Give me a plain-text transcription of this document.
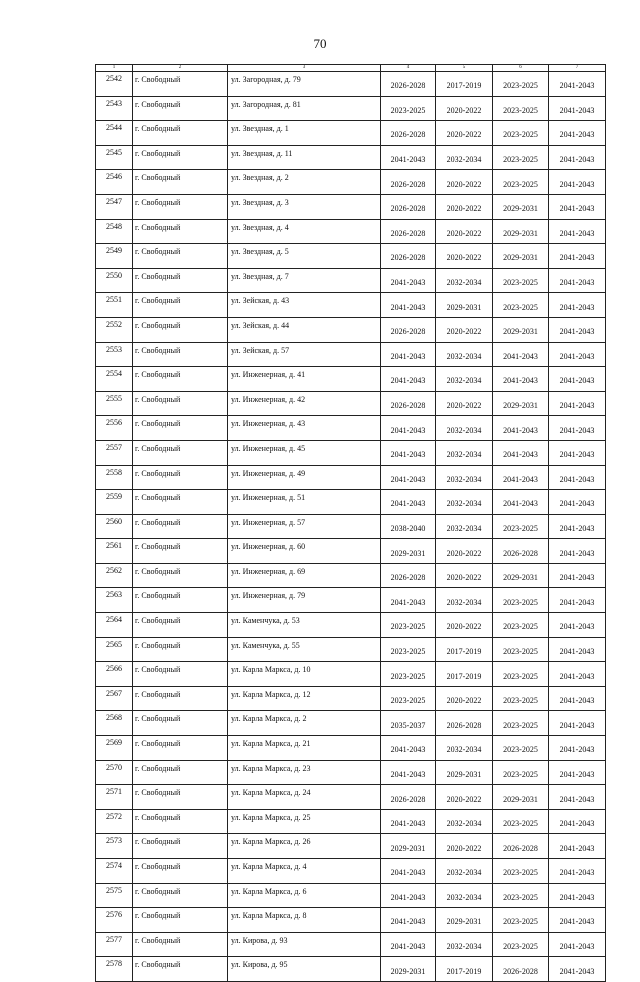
70
1	2	3	4	5	6	7
2542	г. Свободный	ул. Загородная, д. 79	2026-2028	2017-2019	2023-2025	2041-2043
2543	г. Свободный	ул. Загородная, д. 81	2023-2025	2020-2022	2023-2025	2041-2043
2544	г. Свободный	ул. Звездная, д. 1	2026-2028	2020-2022	2023-2025	2041-2043
2545	г. Свободный	ул. Звездная, д. 11	2041-2043	2032-2034	2023-2025	2041-2043
2546	г. Свободный	ул. Звездная, д. 2	2026-2028	2020-2022	2023-2025	2041-2043
2547	г. Свободный	ул. Звездная, д. 3	2026-2028	2020-2022	2029-2031	2041-2043
2548	г. Свободный	ул. Звездная, д. 4	2026-2028	2020-2022	2029-2031	2041-2043
2549	г. Свободный	ул. Звездная, д. 5	2026-2028	2020-2022	2029-2031	2041-2043
2550	г. Свободный	ул. Звездная, д. 7	2041-2043	2032-2034	2023-2025	2041-2043
2551	г. Свободный	ул. Зейская, д. 43	2041-2043	2029-2031	2023-2025	2041-2043
2552	г. Свободный	ул. Зейская, д. 44	2026-2028	2020-2022	2029-2031	2041-2043
2553	г. Свободный	ул. Зейская, д. 57	2041-2043	2032-2034	2041-2043	2041-2043
2554	г. Свободный	ул. Инженерная, д. 41	2041-2043	2032-2034	2041-2043	2041-2043
2555	г. Свободный	ул. Инженерная, д. 42	2026-2028	2020-2022	2029-2031	2041-2043
2556	г. Свободный	ул. Инженерная, д. 43	2041-2043	2032-2034	2041-2043	2041-2043
2557	г. Свободный	ул. Инженерная, д. 45	2041-2043	2032-2034	2041-2043	2041-2043
2558	г. Свободный	ул. Инженерная, д. 49	2041-2043	2032-2034	2041-2043	2041-2043
2559	г. Свободный	ул. Инженерная, д. 51	2041-2043	2032-2034	2041-2043	2041-2043
2560	г. Свободный	ул. Инженерная, д. 57	2038-2040	2032-2034	2023-2025	2041-2043
2561	г. Свободный	ул. Инженерная, д. 60	2029-2031	2020-2022	2026-2028	2041-2043
2562	г. Свободный	ул. Инженерная, д. 69	2026-2028	2020-2022	2029-2031	2041-2043
2563	г. Свободный	ул. Инженерная, д. 79	2041-2043	2032-2034	2023-2025	2041-2043
2564	г. Свободный	ул. Каменчука, д. 53	2023-2025	2020-2022	2023-2025	2041-2043
2565	г. Свободный	ул. Каменчука, д. 55	2023-2025	2017-2019	2023-2025	2041-2043
2566	г. Свободный	ул. Карла Маркса, д. 10	2023-2025	2017-2019	2023-2025	2041-2043
2567	г. Свободный	ул. Карла Маркса, д. 12	2023-2025	2020-2022	2023-2025	2041-2043
2568	г. Свободный	ул. Карла Маркса, д. 2	2035-2037	2026-2028	2023-2025	2041-2043
2569	г. Свободный	ул. Карла Маркса, д. 21	2041-2043	2032-2034	2023-2025	2041-2043
2570	г. Свободный	ул. Карла Маркса, д. 23	2041-2043	2029-2031	2023-2025	2041-2043
2571	г. Свободный	ул. Карла Маркса, д. 24	2026-2028	2020-2022	2029-2031	2041-2043
2572	г. Свободный	ул. Карла Маркса, д. 25	2041-2043	2032-2034	2023-2025	2041-2043
2573	г. Свободный	ул. Карла Маркса, д. 26	2029-2031	2020-2022	2026-2028	2041-2043
2574	г. Свободный	ул. Карла Маркса, д. 4	2041-2043	2032-2034	2023-2025	2041-2043
2575	г. Свободный	ул. Карла Маркса, д. 6	2041-2043	2032-2034	2023-2025	2041-2043
2576	г. Свободный	ул. Карла Маркса, д. 8	2041-2043	2029-2031	2023-2025	2041-2043
2577	г. Свободный	ул. Кирова, д. 93	2041-2043	2032-2034	2023-2025	2041-2043
2578	г. Свободный	ул. Кирова, д. 95	2029-2031	2017-2019	2026-2028	2041-2043
